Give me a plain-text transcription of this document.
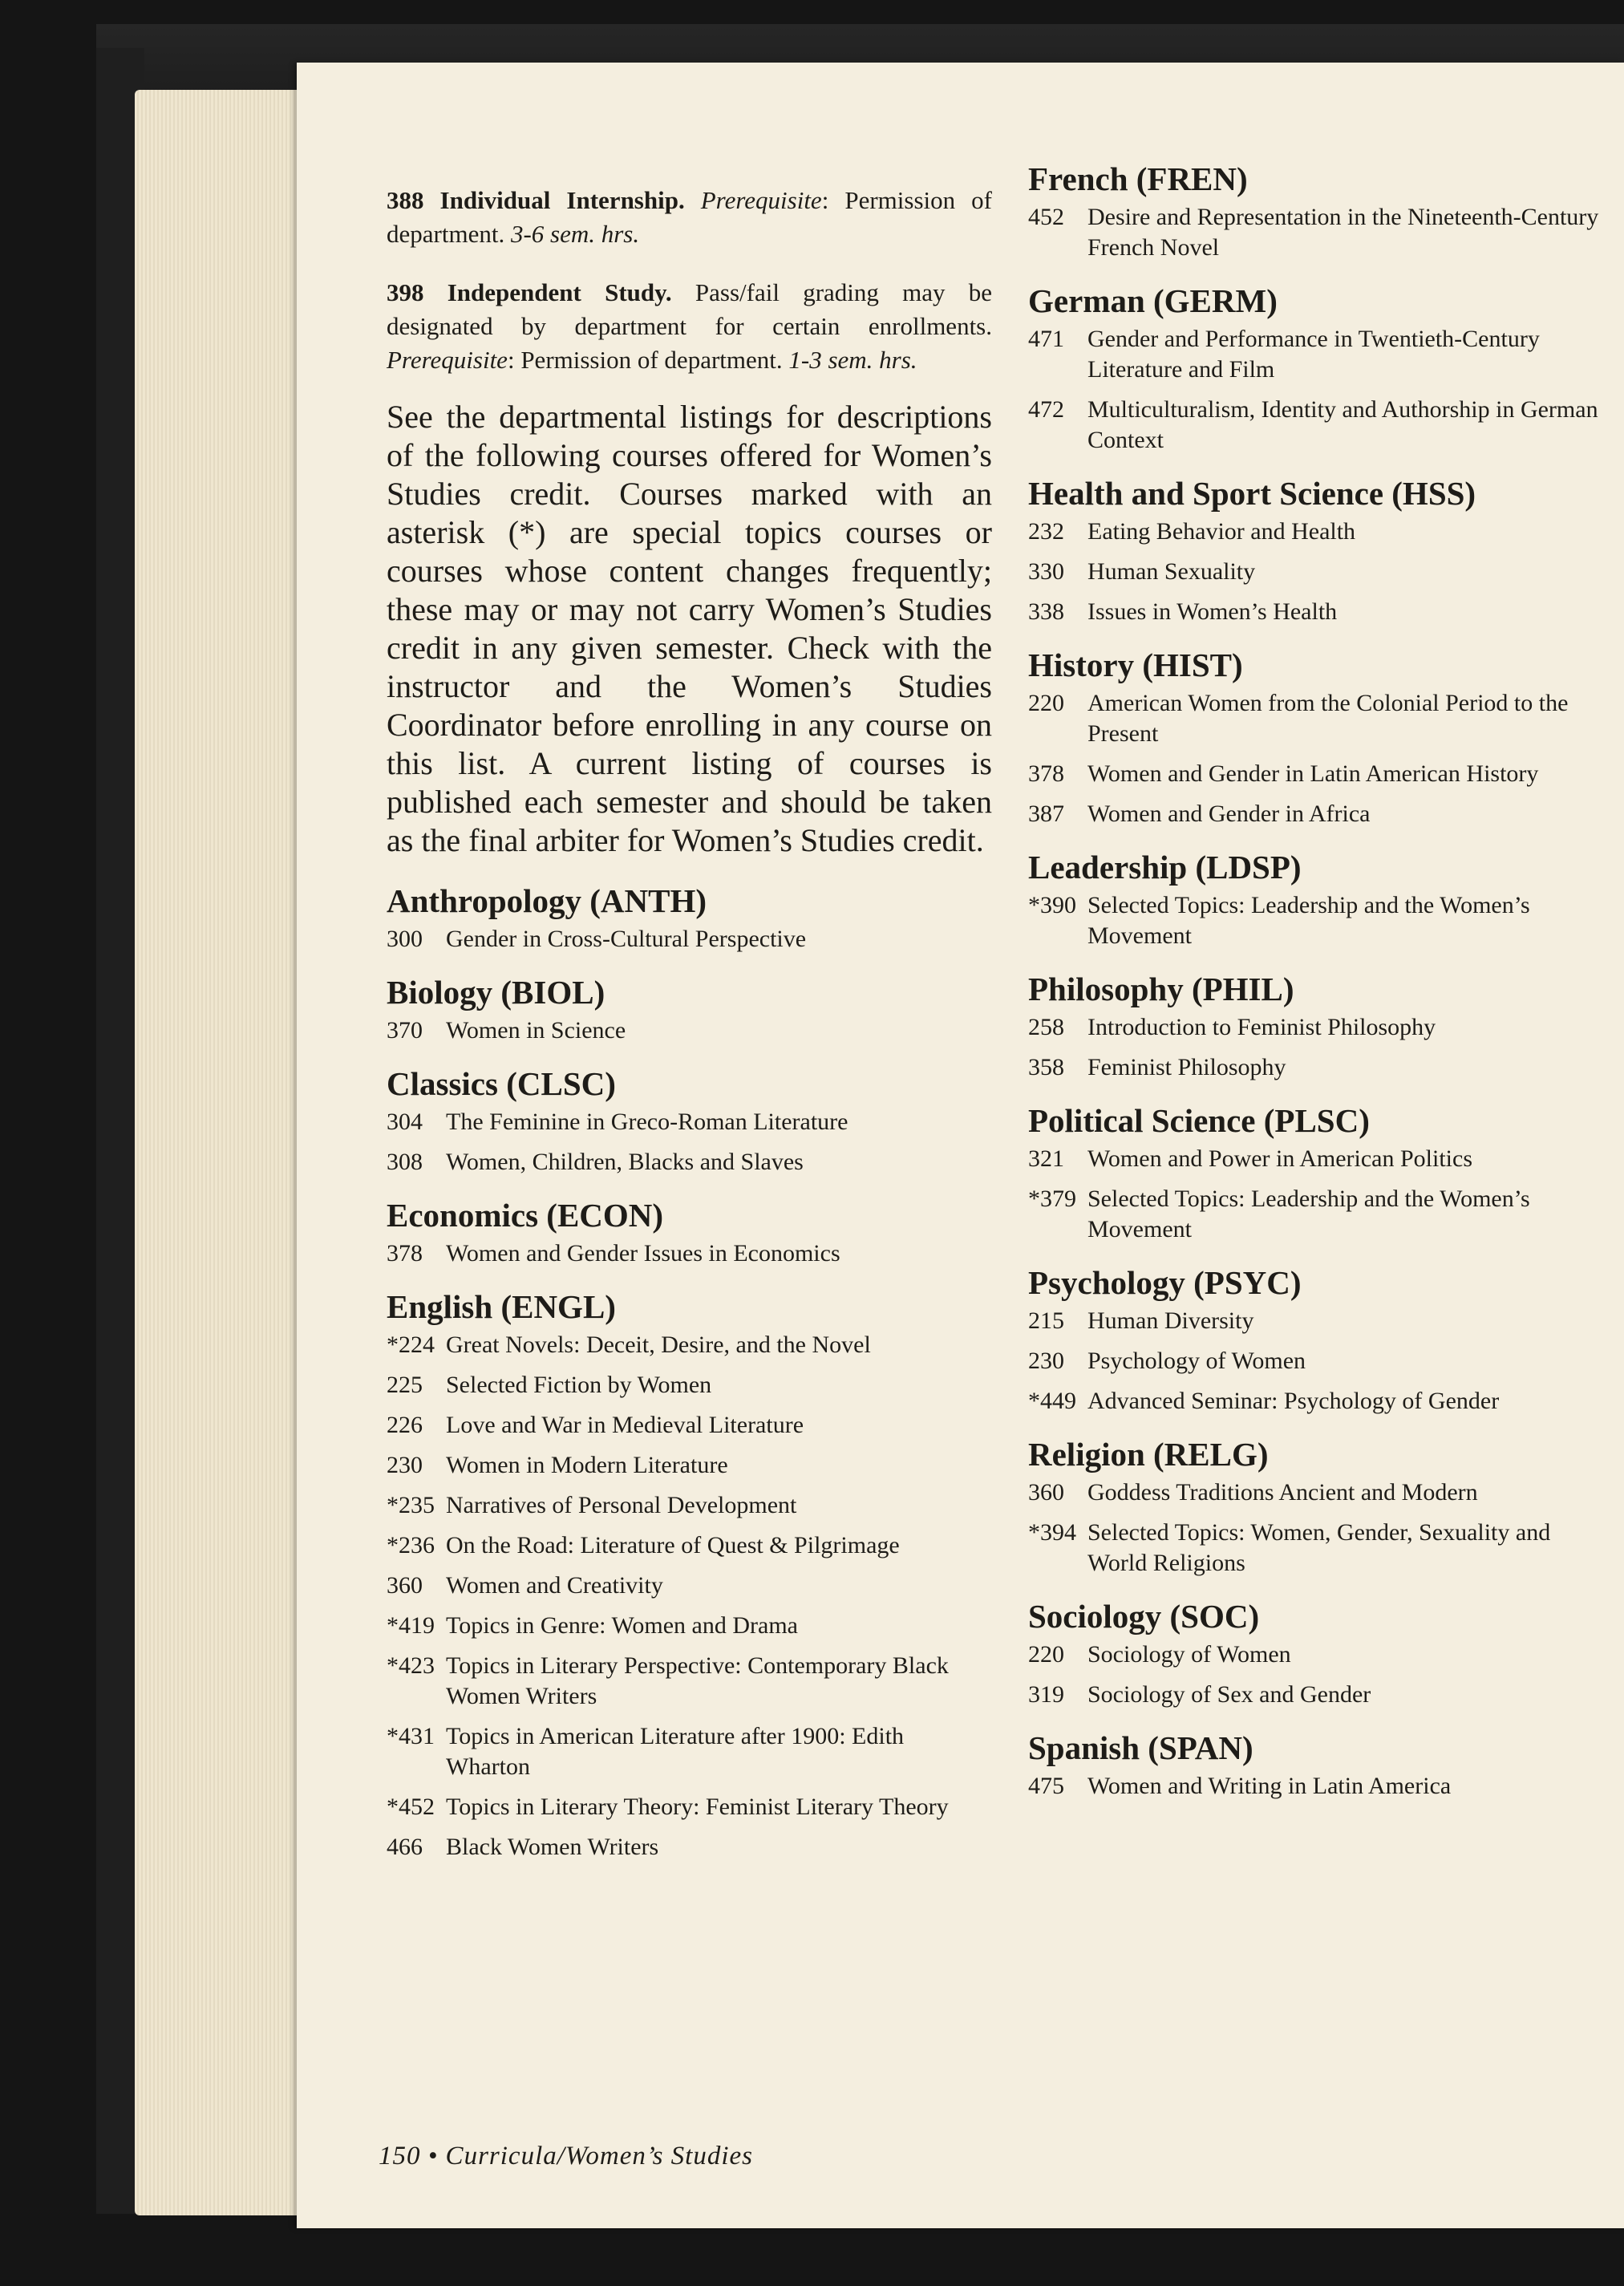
388 Individual Internship. Prerequisite: Permission of department. 3-6 sem. hrs.

398 Independent Study. Pass/fail grading may be designated by department for certain enrollments. Prerequisite: Permission of department. 1-3 sem. hrs.

See the departmental listings for descriptions of the following courses offered for Women’s Studies credit. Courses marked with an asterisk (*) are special topics courses or courses whose content changes frequently; these may or may not carry Women’s Studies credit in any given semester. Check with the instructor and the Women’s Studies Coordinator before enrolling in any course on this list. A current listing of courses is published each semester and should be taken as the final arbiter for Women’s Studies credit.

Anthropology (ANTH)
300 Gender in Cross-Cultural Perspective
Biology (BIOL)
370 Women in Science
Classics (CLSC)
304 The Feminine in Greco-Roman Literature
308 Women, Children, Blacks and Slaves
Economics (ECON)
378 Women and Gender Issues in Economics
English (ENGL)
*224 Great Novels: Deceit, Desire, and the Novel
225 Selected Fiction by Women
226 Love and War in Medieval Literature
230 Women in Modern Literature
*235 Narratives of Personal Development
*236 On the Road: Literature of Quest & Pilgrimage
360 Women and Creativity
*419 Topics in Genre: Women and Drama
*423 Topics in Literary Perspective: Contemporary Black Women Writers
*431 Topics in American Literature after 1900: Edith Wharton
*452 Topics in Literary Theory: Feminist Literary Theory
466 Black Women Writers
French (FREN)
452 Desire and Representation in the Nineteenth-Century French Novel
German (GERM)
471 Gender and Performance in Twentieth-Century Literature and Film
472 Multiculturalism, Identity and Authorship in German Context
Health and Sport Science (HSS)
232 Eating Behavior and Health
330 Human Sexuality
338 Issues in Women’s Health
History (HIST)
220 American Women from the Colonial Period to the Present
378 Women and Gender in Latin American History
387 Women and Gender in Africa
Leadership (LDSP)
*390 Selected Topics: Leadership and the Women’s Movement
Philosophy (PHIL)
258 Introduction to Feminist Philosophy
358 Feminist Philosophy
Political Science (PLSC)
321 Women and Power in American Politics
*379 Selected Topics: Leadership and the Women’s Movement
Psychology (PSYC)
215 Human Diversity
230 Psychology of Women
*449 Advanced Seminar: Psychology of Gender
Religion (RELG)
360 Goddess Traditions Ancient and Modern
*394 Selected Topics: Women, Gender, Sexuality and World Religions
Sociology (SOC)
220 Sociology of Women
319 Sociology of Sex and Gender
Spanish (SPAN)
475 Women and Writing in Latin America
150 • Curricula/Women’s Studies
